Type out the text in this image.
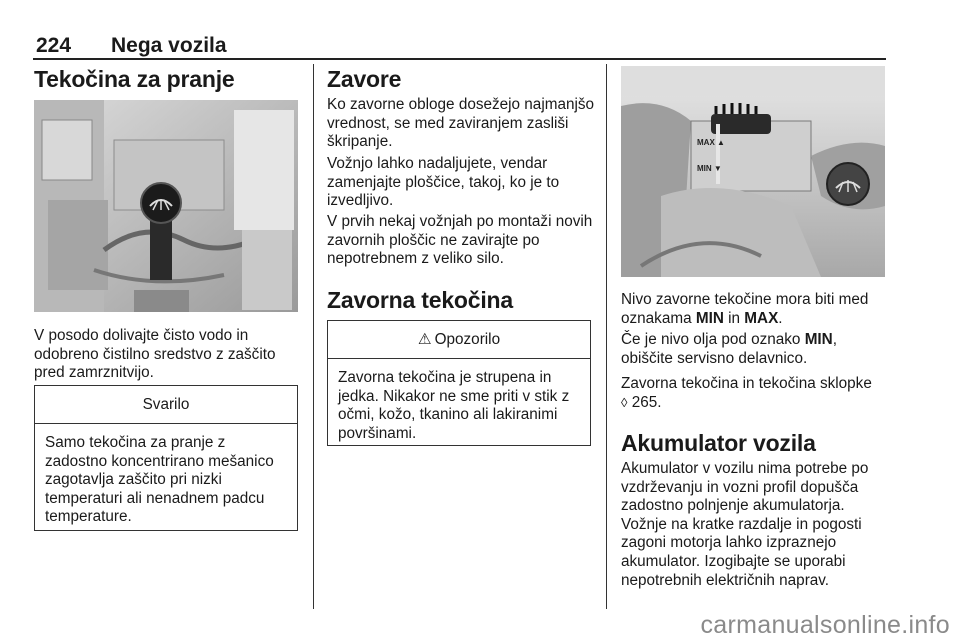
224 Nega vozila
Tekočina za pranje

V posodo dolivajte čisto vodo in odobreno čistilno sredstvo z zaščito pred zamrznitvijo.

Svarilo
Samo tekočina za pranje z zadostno koncentrirano mešanico zagotavlja zaščito pri nizki temperaturi ali nenadnem padcu temperature.
Zavore

Ko zavorne obloge dosežejo najmanjšo vrednost, se med zaviranjem zasliši škripanje.

Vožnjo lahko nadaljujete, vendar zamenjajte ploščice, takoj, ko je to izvedljivo.

V prvih nekaj vožnjah po montaži novih zavornih ploščic ne zavirajte po nepotrebnem z veliko silo.

Zavorna tekočina
⚠ Opozorilo
Zavorna tekočina je strupena in jedka. Nikakor ne sme priti v stik z očmi, kožo, tkanino ali lakiranimi površinami.
MAX ▲
MIN ▼

Nivo zavorne tekočine mora biti med oznakama MIN in MAX.

Če je nivo olja pod oznako MIN, obiščite servisno delavnico.

Zavorna tekočina in tekočina sklopke
◊ 265.

Akumulator vozila

Akumulator v vozilu nima potrebe po vzdrževanju in vozni profil dopušča zadostno polnjenje akumulatorja. Vožnje na kratke razdalje in pogosti zagoni motorja lahko izpraznejo akumulator. Izogibajte se uporabi nepotrebnih električnih naprav.

carmanualsonline.info
